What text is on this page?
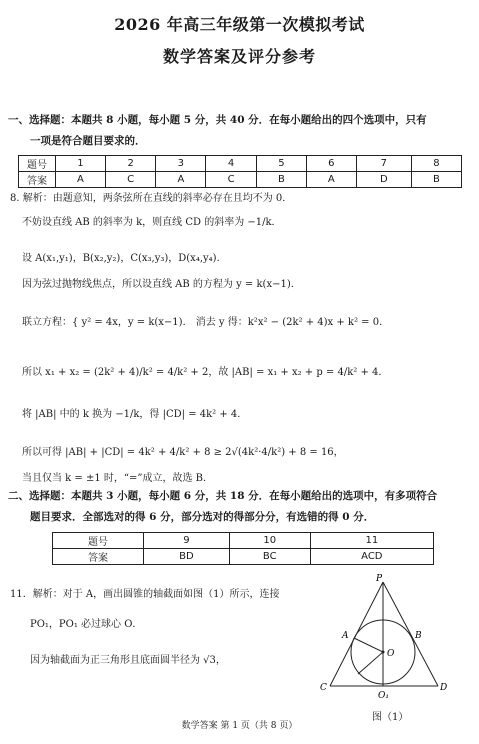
2026 年高三年级第一次模拟考试
数学答案及评分参考
一、选择题：本题共 8 小题，每小题 5 分，共 40 分．在每小题给出的四个选项中，只有
一项是符合题目要求的．
题号	1	2	3	4	5	6	7	8
答案	A	C	A	C	B	A	D	B
8. 解析：由题意知，两条弦所在直线的斜率必存在且均不为 0．
不妨设直线 AB 的斜率为 k，则直线 CD 的斜率为 −1/k．
设 A(x₁,y₁)，B(x₂,y₂)，C(x₃,y₃)，D(x₄,y₄)．
因为弦过抛物线焦点，所以设直线 AB 的方程为 y = k(x−1)．
联立方程：{ y² = 4x，y = k(x−1)． 消去 y 得：k²x² − (2k² + 4)x + k² = 0．
所以 x₁ + x₂ = (2k² + 4)/k² = 4/k² + 2，故 |AB| = x₁ + x₂ + p = 4/k² + 4．
将 |AB| 中的 k 换为 −1/k，得 |CD| = 4k² + 4．
所以可得 |AB| + |CD| = 4k² + 4/k² + 8 ≥ 2√(4k²·4/k²) + 8 = 16，
当且仅当 k = ±1 时，“=”成立，故选 B．
二、选择题：本题共 3 小题，每小题 6 分，共 18 分．在每小题给出的选项中，有多项符合
题目要求．全部选对的得 6 分，部分选对的得部分分，有选错的得 0 分．
题号	9	10	11
答案	BD	BC	ACD
11．解析：对于 A，画出圆锥的轴截面如图（1）所示，连接
PO₁，PO₁ 必过球心 O．
因为轴截面为正三角形且底面圆半径为 √3，
P
A	B
O
C
O₁
D
图（1）
数学答案 第 1 页（共 8 页）
